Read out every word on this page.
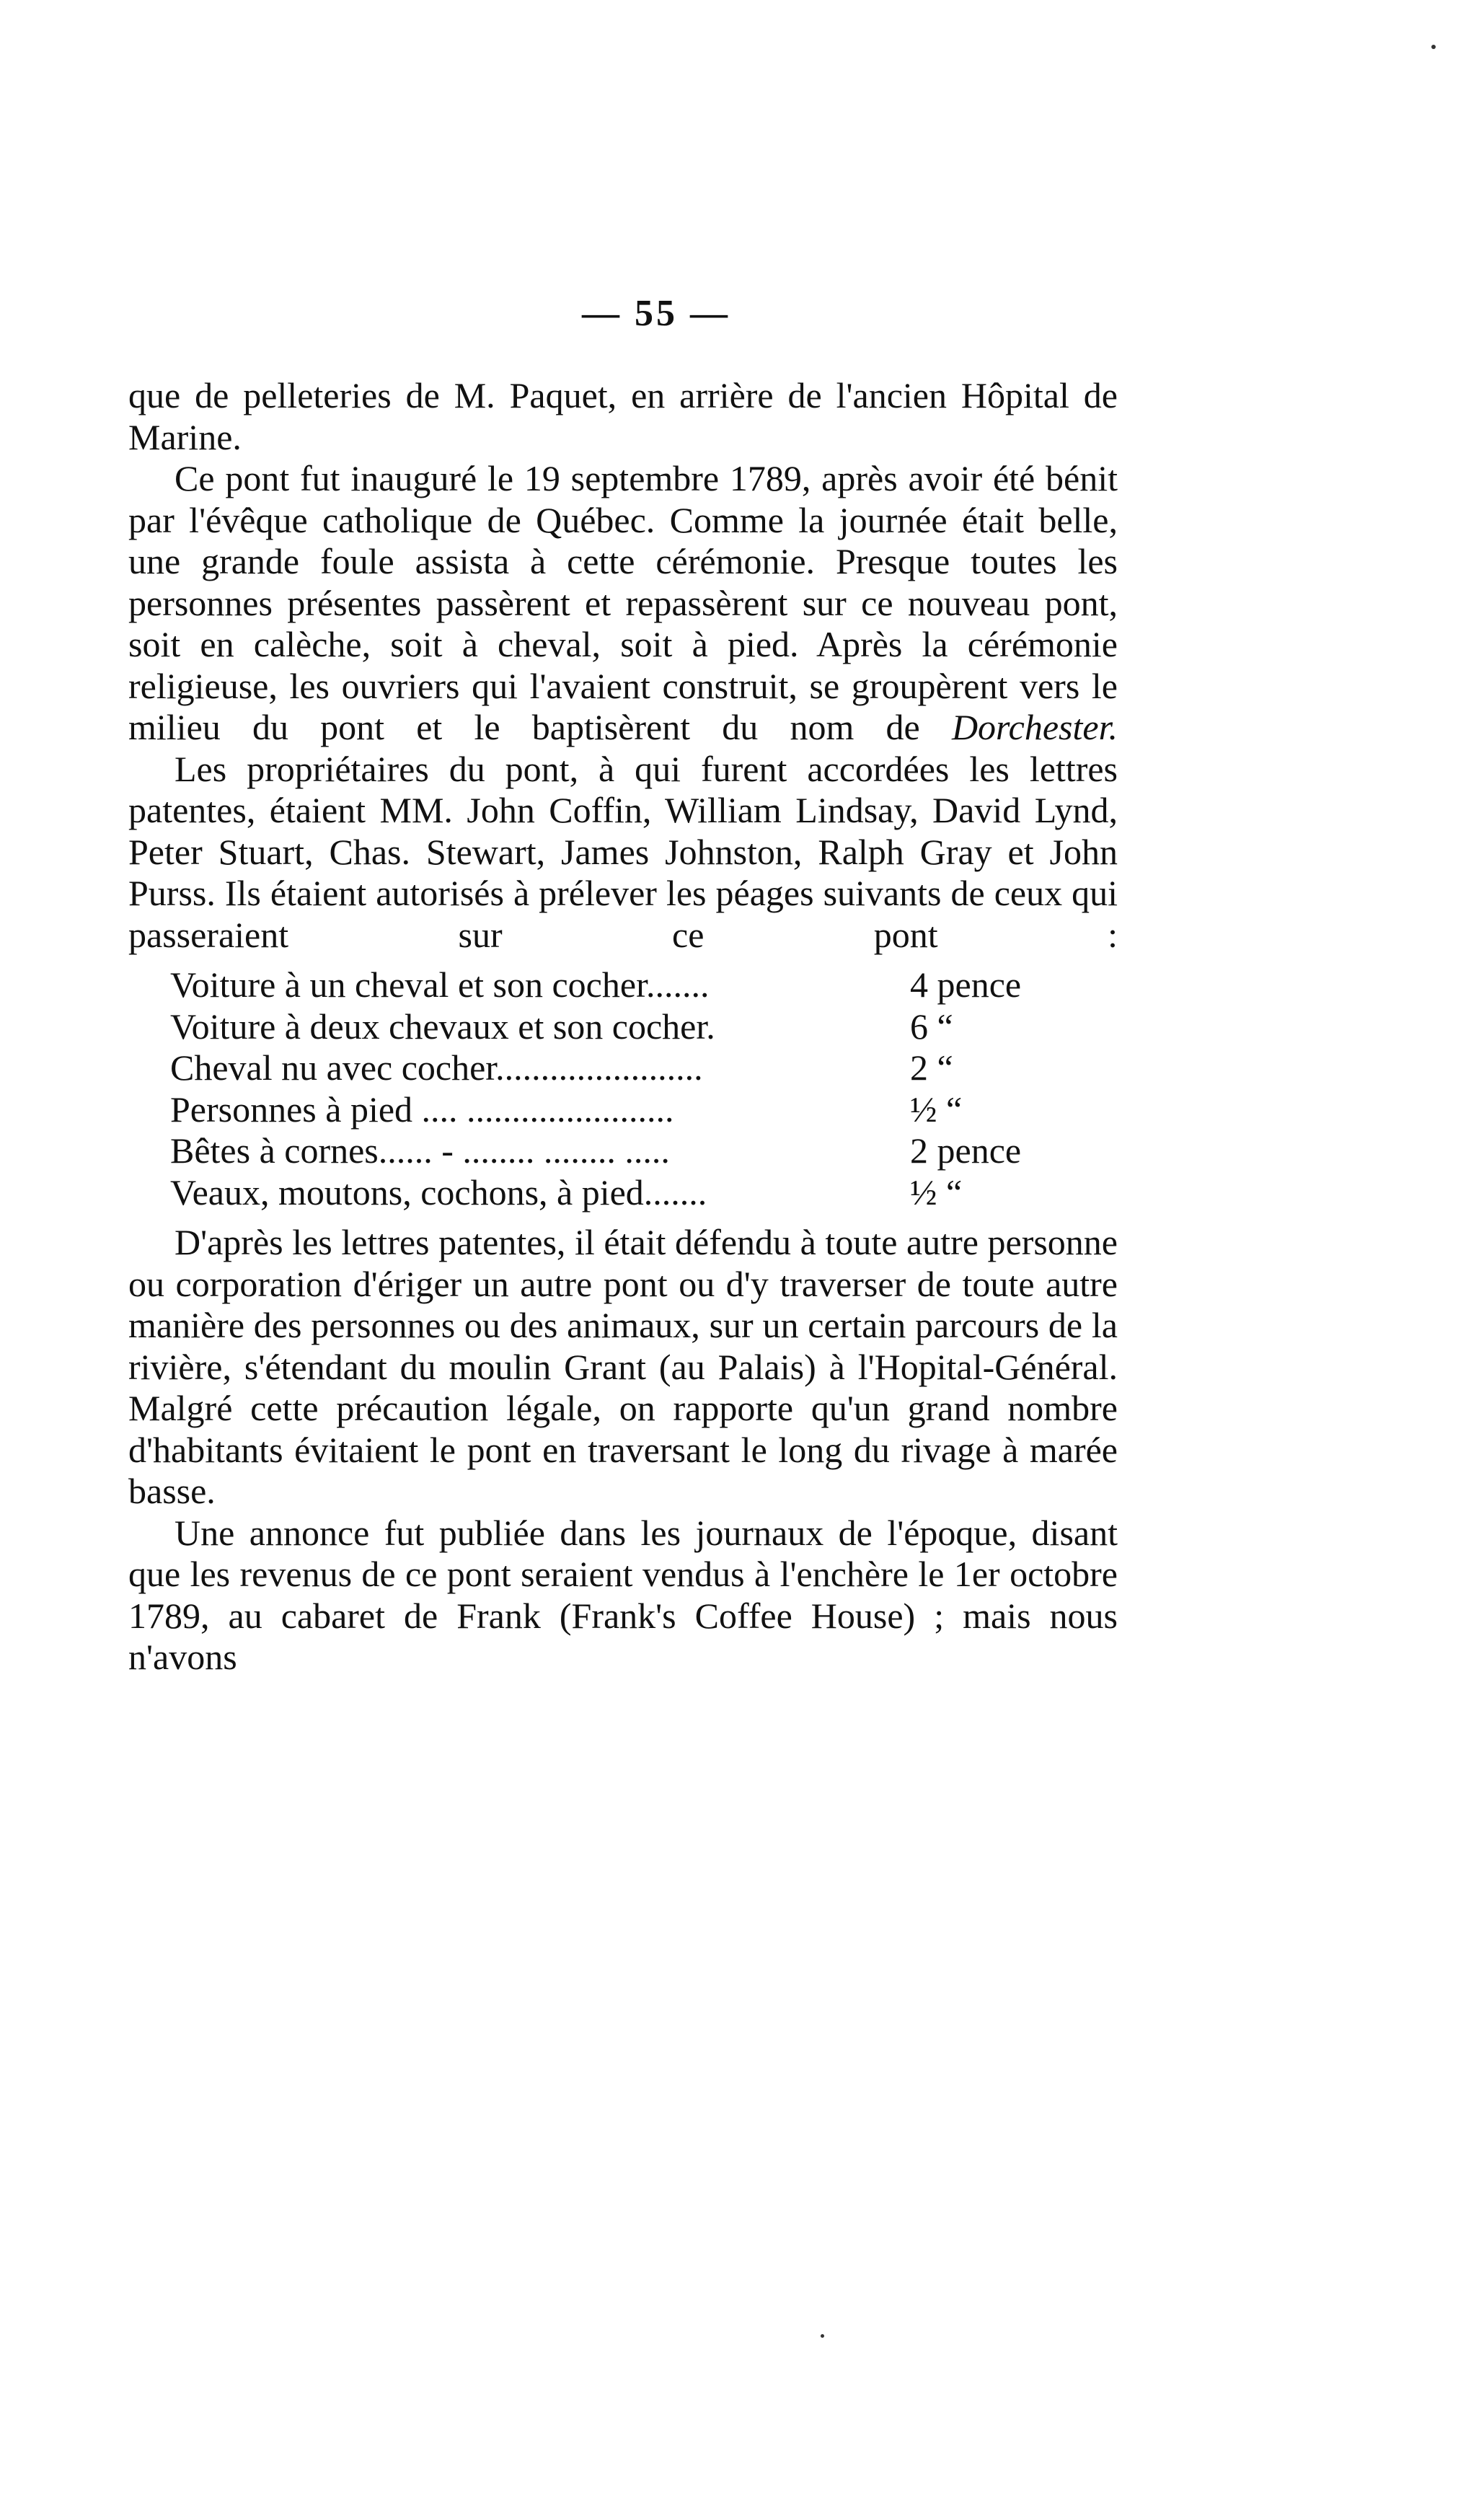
— 55 —

que de pelleteries de M. Paquet, en arrière de l'ancien Hôpital de Marine.

Ce pont fut inauguré le 19 septembre 1789, après avoir été bénit par l'évêque catholique de Québec. Comme la journée était belle, une grande foule assista à cette cérémonie. Presque toutes les personnes présentes passèrent et repassèrent sur ce nouveau pont, soit en calèche, soit à cheval, soit à pied. Après la cérémonie religieuse, les ouvriers qui l'avaient construit, se groupèrent vers le milieu du pont et le baptisèrent du nom de Dorchester.

Les propriétaires du pont, à qui furent accordées les lettres patentes, étaient MM. John Coffin, William Lindsay, David Lynd, Peter Stuart, Chas. Stewart, James Johnston, Ralph Gray et John Purss. Ils étaient autorisés à prélever les péages suivants de ceux qui passeraient sur ce pont :

Voiture à un cheval et son cocher.......	4 pence
Voiture à deux chevaux et son cocher.	6 “
Cheval nu avec cocher.......................	2 “
Personnes à pied .... .......................	½ “
Bêtes à cornes...... - ........ ........ .....	2 pence
Veaux, moutons, cochons, à pied.......	½ “

D'après les lettres patentes, il était défendu à toute autre personne ou corporation d'ériger un autre pont ou d'y traverser de toute autre manière des personnes ou des animaux, sur un certain parcours de la rivière, s'étendant du moulin Grant (au Palais) à l'Hopital-Général. Malgré cette précaution légale, on rapporte qu'un grand nombre d'habitants évitaient le pont en traversant le long du rivage à marée basse.

Une annonce fut publiée dans les journaux de l'époque, disant que les revenus de ce pont seraient vendus à l'enchère le 1er octobre 1789, au cabaret de Frank (Frank's Coffee House) ; mais nous n'avons
